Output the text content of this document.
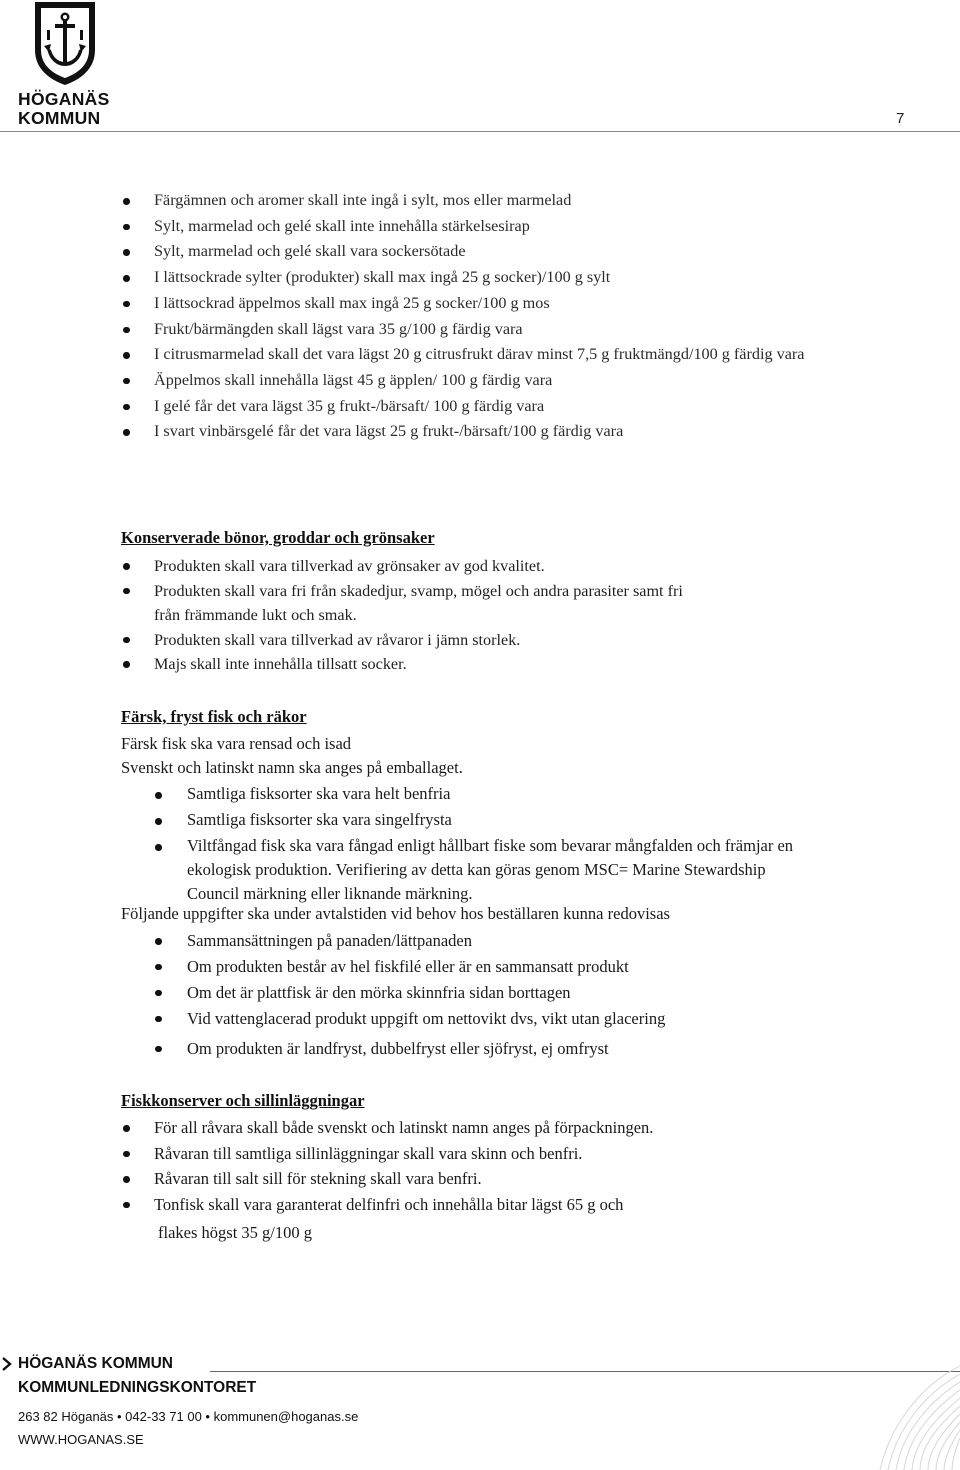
HÖGANÄS
KOMMUN	7
Färgämnen och aromer skall inte ingå i sylt, mos eller marmelad
Sylt, marmelad och gelé skall inte innehålla stärkelsesirap
Sylt, marmelad och gelé skall vara sockersötade
I lättsockrade sylter (produkter) skall max ingå 25 g socker)/100 g sylt
I lättsockrad äppelmos skall max ingå 25 g socker/100 g mos
Frukt/bärmängden skall lägst vara 35 g/100 g färdig vara
I citrusmarmelad skall det vara lägst 20 g citrusfrukt därav minst 7,5 g fruktmängd/100 g färdig vara
Äppelmos skall innehålla lägst 45 g äpplen/ 100 g färdig vara
I gelé får det vara lägst 35 g frukt-/bärsaft/ 100 g färdig vara
I svart vinbärsgelé får det vara lägst 25 g frukt-/bärsaft/100 g färdig vara
Konserverade bönor, groddar och grönsaker
Produkten skall vara tillverkad av grönsaker av god kvalitet.
Produkten skall vara fri från skadedjur, svamp, mögel och andra parasiter samt fri från främmande lukt och smak.
Produkten skall vara tillverkad av råvaror i jämn storlek.
Majs skall inte innehålla tillsatt socker.
Färsk, fryst fisk och räkor

Färsk fisk ska vara rensad och isad

Svenskt och latinskt namn ska anges på emballaget.

Samtliga fisksorter ska vara helt benfria
Samtliga fisksorter ska vara singelfrysta
Viltfångad fisk ska vara fångad enligt hållbart fiske som bevarar mångfalden och främjar en ekologisk produktion. Verifiering av detta kan göras genom MSC= Marine Stewardship Council märkning eller liknande märkning.

Följande uppgifter ska under avtalstiden vid behov hos beställaren kunna redovisas

Sammansättningen på panaden/lättpanaden
Om produkten består av hel fiskfilé eller är en sammansatt produkt
Om det är plattfisk är den mörka skinnfria sidan borttagen
Vid vattenglacerad produkt uppgift om nettovikt dvs, vikt utan glacering
Om produkten är landfryst, dubbelfryst eller sjöfryst, ej omfryst
Fiskkonserver och sillinläggningar
För all råvara skall både svenskt och latinskt namn anges på förpackningen.
Råvaran till samtliga sillinläggningar skall vara skinn och benfri.
Råvaran till salt sill för stekning skall vara benfri.
Tonfisk skall vara garanterat delfinfri och innehålla bitar lägst 65 g och
flakes högst 35 g/100 g
HÖGANÄS KOMMUN
KOMMUNLEDNINGSKONTORET
263 82 Höganäs • 042-33 71 00 • kommunen@hoganas.se
WWW.HOGANAS.SE
